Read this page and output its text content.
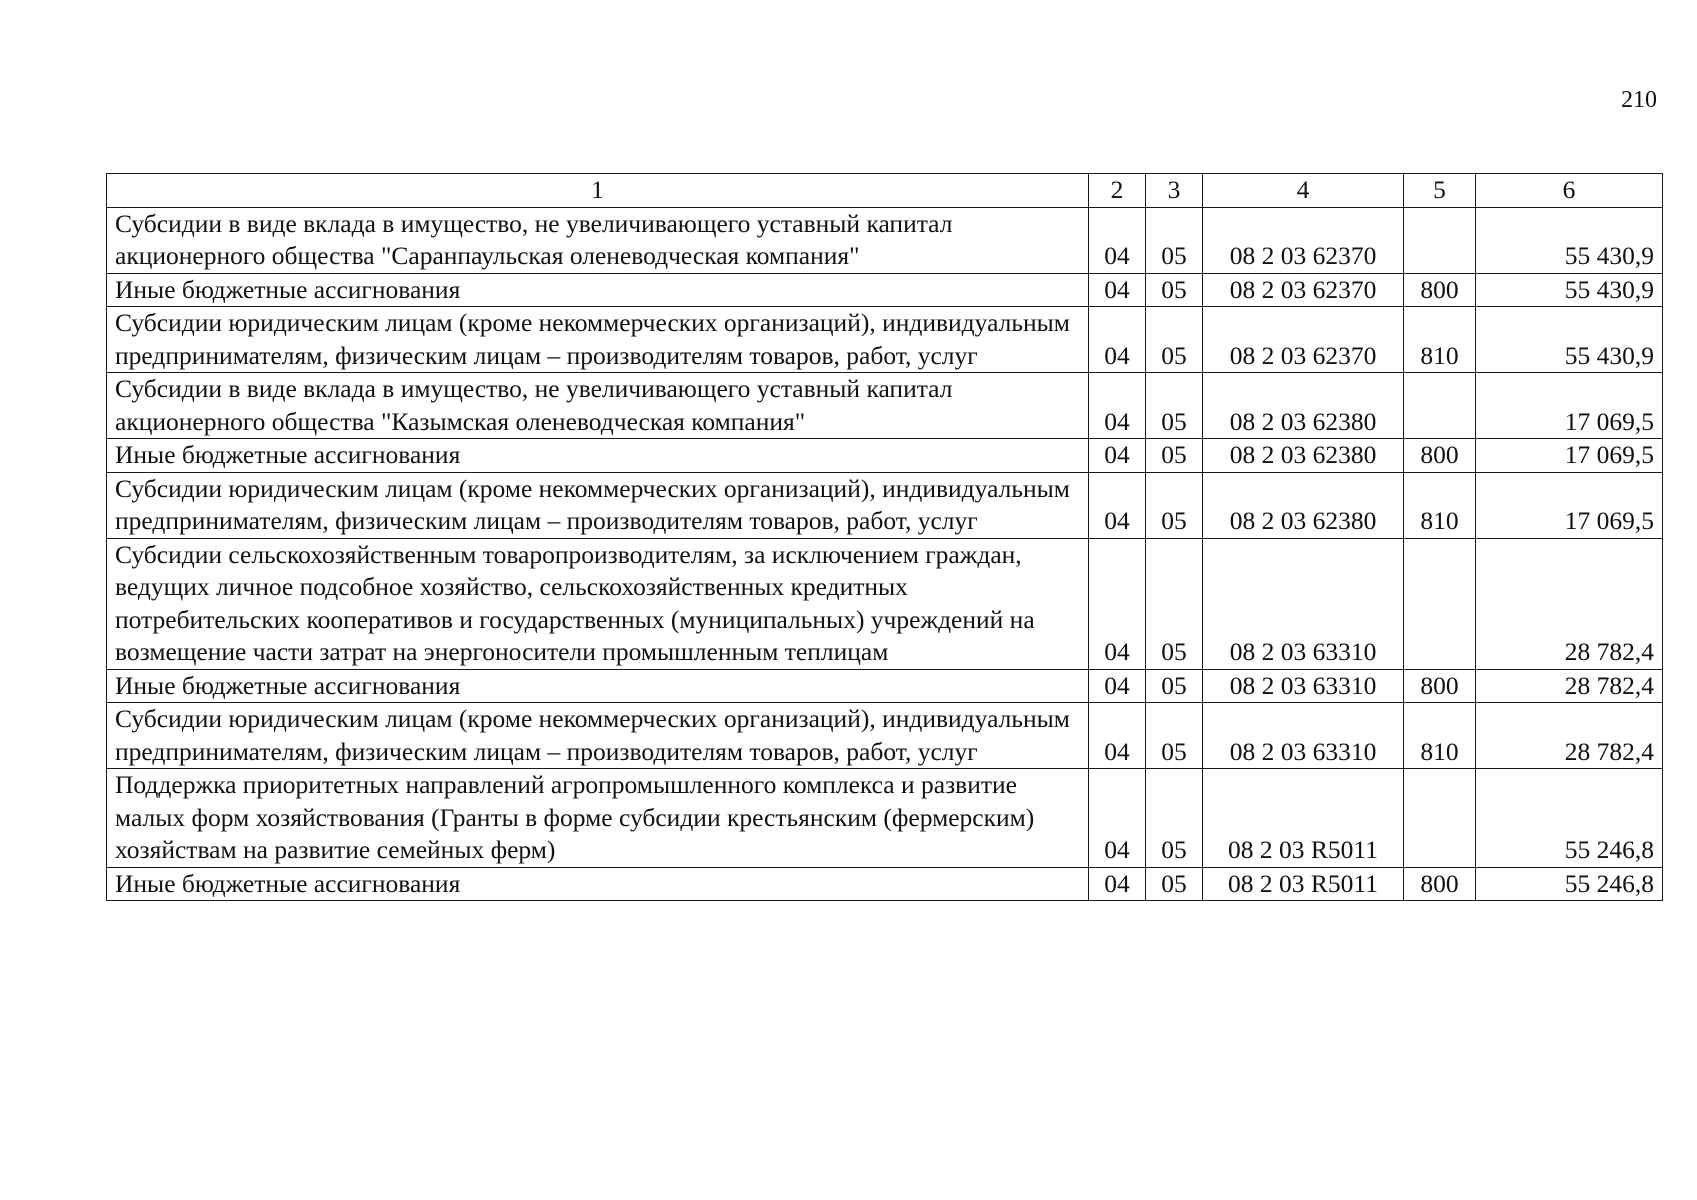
210
1	2	3	4	5	6
Субсидии в виде вклада в имущество, не увеличивающего уставный капитал акционерного общества "Саранпаульская оленеводческая компания"	04	05	08 2 03 62370		55 430,9
Иные бюджетные ассигнования	04	05	08 2 03 62370	800	55 430,9
Субсидии юридическим лицам (кроме некоммерческих организаций), индивидуальным предпринимателям, физическим лицам – производителям товаров, работ, услуг	04	05	08 2 03 62370	810	55 430,9
Субсидии в виде вклада в имущество, не увеличивающего уставный капитал акционерного общества "Казымская оленеводческая компания"	04	05	08 2 03 62380		17 069,5
Иные бюджетные ассигнования	04	05	08 2 03 62380	800	17 069,5
Субсидии юридическим лицам (кроме некоммерческих организаций), индивидуальным предпринимателям, физическим лицам – производителям товаров, работ, услуг	04	05	08 2 03 62380	810	17 069,5
Субсидии сельскохозяйственным товаропроизводителям, за исключением граждан, ведущих личное подсобное хозяйство, сельскохозяйственных кредитных потребительских кооперативов и государственных (муниципальных) учреждений на возмещение части затрат на энергоносители промышленным теплицам	04	05	08 2 03 63310		28 782,4
Иные бюджетные ассигнования	04	05	08 2 03 63310	800	28 782,4
Субсидии юридическим лицам (кроме некоммерческих организаций), индивидуальным предпринимателям, физическим лицам – производителям товаров, работ, услуг	04	05	08 2 03 63310	810	28 782,4
Поддержка приоритетных направлений агропромышленного комплекса и развитие малых форм хозяйствования (Гранты в форме субсидии крестьянским (фермерским) хозяйствам на развитие семейных ферм)	04	05	08 2 03 R5011		55 246,8
Иные бюджетные ассигнования	04	05	08 2 03 R5011	800	55 246,8
